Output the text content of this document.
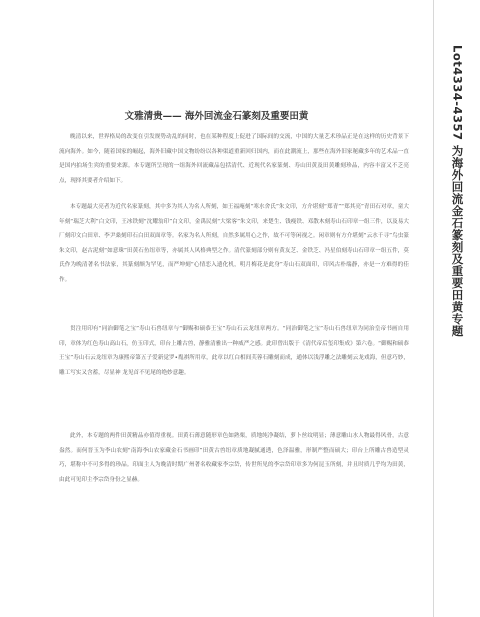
文雅清贵—— 海外回流金石篆刻及重要田黄

晚清以来，世界格局的改变在引发规势动乱的同时，也在某种程度上促进了国际间的交流，中国的大量艺术珍品正是在这样的历史背景下流向海外。如今，随着国家的崛起，海外旧藏中国文物纷纷以各种渠道重新回归国内，而在此潮流上，那些在海外旧家秘藏多年的艺术品一直是国内拍场生宾的重要来源。本专题所呈现的一组海外回流藏品包括清代、近现代名家篆刻、寿山田黄及田黄雕刻珍品，内容丰富又不乏亮点，现择其要者介绍如下。

本专题最大亮者为近代名家篆刻，其中多为其人为名人所刻，如王福庵刻“寒水舍氏”朱文印，方介堪刻“郑青”“郑其亮”青田石对章，童大年刻“瑞芝大利”白文印，王冰铁刻“沈耀翁印”白文印，金禹民刻“大梁客”朱文印，来楚生、钱瘦铁、邓散木刻寿山石印章一组三件，以及易大厂刻印文白田章、李尹桑刻印石白田双面章等。名家为名人所刻，自然多属用心之作，故不可等闲视之。闲章则有方介堪刻“云水千寻”鸟虫篆朱文印，赵古泥刻“如意珠”田黄石鱼纽章等，亦属其人风格典型之作。清代篆刻部分则有黄友芝、金铁芝、冯星伯刻寿山石印章一组五件，莫氏作为晚清著名书法家，其篆刻颇为罕见，而严坤刻“心情恋入遗化机，明月梅花是此身”寿山石双面印，印风古朴端静，亦是一方难得的佳作。

贯注用印有“同治御笔之宝”寿山石兽纽章与“御赐和硕恭王宝”寿山石云龙纽章两方。“同治御笔之宝”寿山石兽纽章为同治皇帝书画自用印，章体为红色寿山高山石，仿玉印式，印台上雕古兽，静雅清雅出一种威严之感。此印曾出版于《清代帝后玺印集成》第六卷。“御赐和硕恭王宝”寿山石云龙纽章为康熙帝第五子爱新觉罗•胤祺所用章，此章以红白相间芙蓉石雕刻而成，通体以浅浮雕之法雕刻云龙戏海，但意巧妙，雕工写实又含蓄，尽显神 龙见首不见尾的绝妙意趣。

此外，本专题的两件田黄精品亦值得重视。田黄石薄意随形章色如熟栗，质地纯净凝结，萝卜丝纹明显；薄意雕山水人物最得风骨，古意盎然。而何晋玉为李山农刻“南海李山农家藏金石书画印”田黄古兽纽章质地凝腻通透，色泽温雅，形制严整而硕大；印台上所雕古兽造型灵巧，堪称中不可多得的珍品。印面主人为晚清时期广州著名收藏家李宗岱，传世所见的李宗岱印章多为何昆玉所刻，并且时质几乎均为田黄，由此可见印主李宗岱身份之显赫。

Lot4334-4357 为海外回流金石篆刻及重要田黄专题
